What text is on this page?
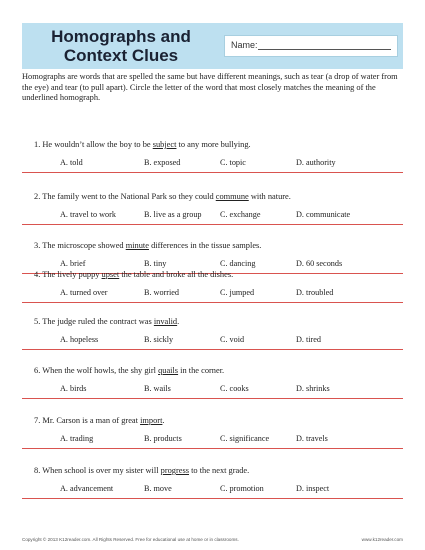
Homographs and
Context Clues
Name:
Homographs are words that are spelled the same but have different meanings, such as tear (a drop of water from the eye) and tear (to pull apart). Circle the letter of the word that most closely matches the meaning of the underlined homograph.
1. He wouldn’t allow the boy to be subject to any more bullying.
A. told	B. exposed	C. topic	D. authority
2. The family went to the National Park so they could commune with nature.
A. travel to work	B. live as a group C. exchange	D. communicate
3. The microscope showed minute differences in the tissue samples.
A. brief	B. tiny	C. dancing	D. 60 seconds
4. The lively puppy upset the table and broke all the dishes.
A. turned over	B. worried	C. jumped	D. troubled
5. The judge ruled the contract was invalid.
A. hopeless	B. sickly	C. void	D. tired
6. When the wolf howls, the shy girl quails in the corner.
A. birds	B. wails	C. cooks	D. shrinks
7. Mr. Carson is a man of great import.
A. trading	B. products	C. significance	D. travels
8. When school is over my sister will progress to the next grade.
A. advancement	B. move	C. promotion	D. inspect
Copyright © 2013 K12reader.com. All Rights Reserved. Free for educational use at home or in classrooms.	www.k12reader.com
